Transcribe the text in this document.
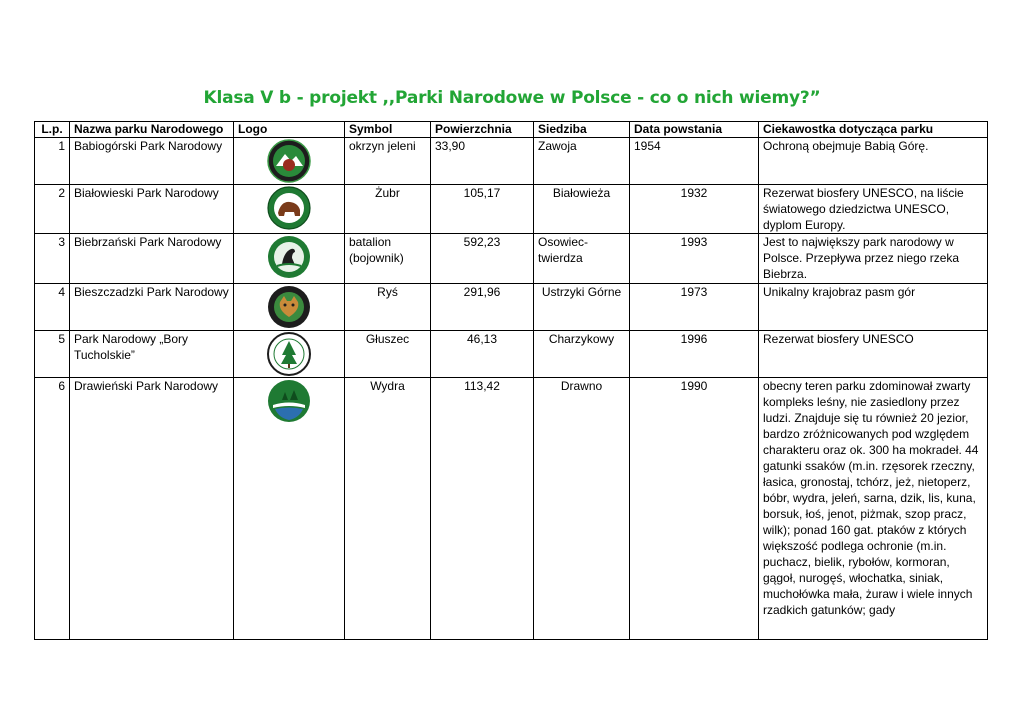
Klasa V b - projekt ,,Parki Narodowe w Polsce - co o nich wiemy?”
L.p.	Nazwa parku Narodowego	Logo	Symbol	Powierzchnia	Siedziba	Data powstania	Ciekawostka dotycząca parku
1	Babiogórski Park Narodowy		okrzyn jeleni	33,90	Zawoja	1954	Ochroną obejmuje Babią Górę.
2	Białowieski Park Narodowy		Żubr	105,17	Białowieża	1932	Rezerwat biosfery UNESCO, na liście światowego dziedzictwa UNESCO, dyplom Europy.
3	Biebrzański Park Narodowy		batalion (bojownik)	592,23	Osowiec-twierdza	1993	Jest to największy park narodowy w Polsce. Przepływa przez niego rzeka Biebrza.
4	Bieszczadzki Park Narodowy		Ryś	291,96	Ustrzyki Górne	1973	Unikalny krajobraz pasm gór
5	Park Narodowy „Bory Tucholskie”		Głuszec	46,13	Charzykowy	1996	Rezerwat biosfery UNESCO
6	Drawieński Park Narodowy		Wydra	113,42	Drawno	1990	obecny teren parku zdominował zwarty kompleks leśny, nie zasiedlony przez ludzi. Znajduje się tu również 20 jezior, bardzo zróżnicowanych pod względem charakteru oraz ok. 300 ha mokradeł. 44 gatunki ssaków (m.in. rzęsorek rzeczny, łasica, gronostaj, tchórz, jeż, nietoperz, bóbr, wydra, jeleń, sarna, dzik, lis, kuna, borsuk, łoś, jenot, piżmak, szop pracz, wilk); ponad 160 gat. ptaków z których większość podlega ochronie (m.in. puchacz, bielik, rybołów, kormoran, gągoł, nurogęś, włochatka, siniak, muchołówka mała, żuraw i wiele innych rzadkich gatunków; gady
